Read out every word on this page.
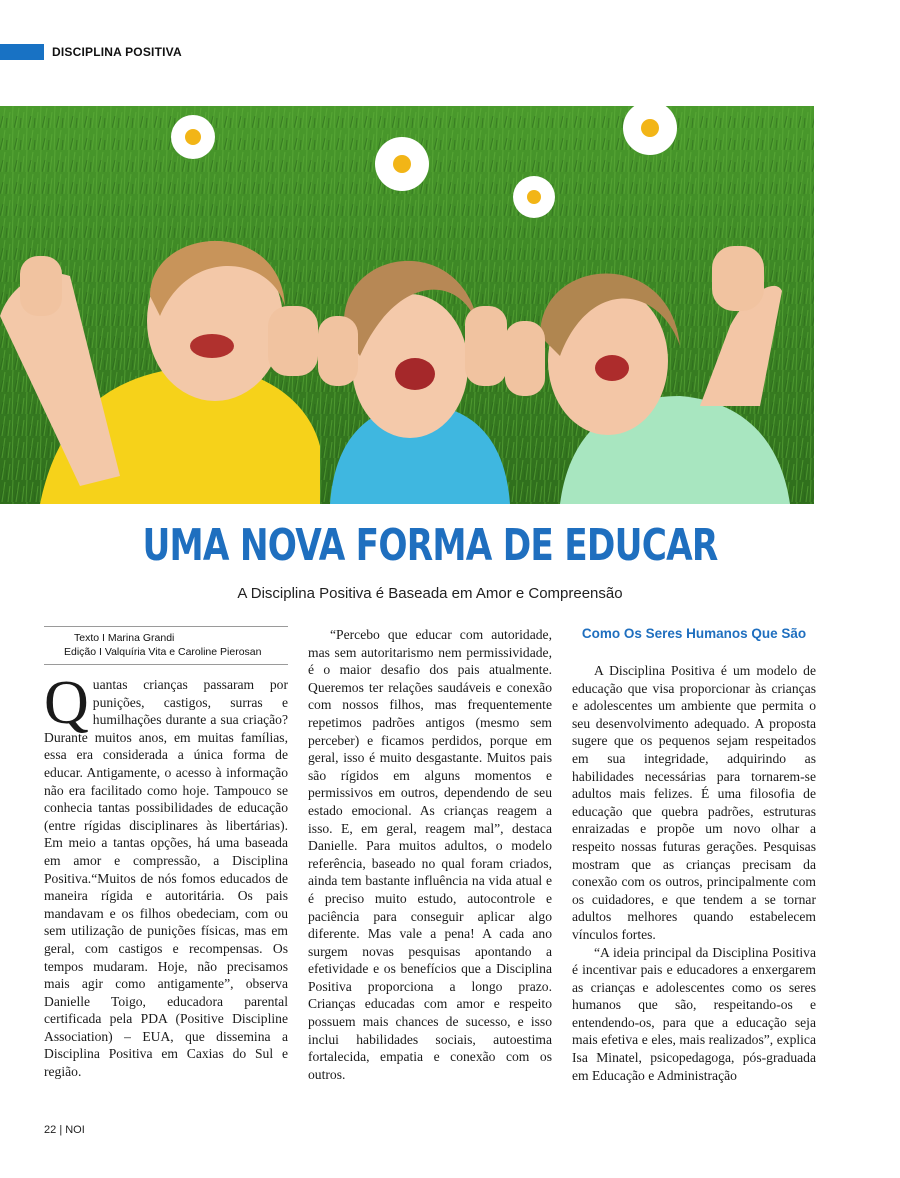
DISCIPLINA POSITIVA
UMA NOVA FORMA DE EDUCAR
A Disciplina Positiva é Baseada em Amor e Compreensão
Texto I Marina Grandi
Edição I Valquíria Vita e Caroline Pierosan

Q uantas crianças passaram por punições, castigos, surras e humilhações durante a sua criação? Durante muitos anos, em muitas famílias, essa era considerada a única forma de educar. Antigamente, o acesso à informação não era facilitado como hoje. Tampouco se conhecia tantas possibilidades de educação (entre rígidas disciplinares às libertárias). Em meio a tantas opções, há uma baseada em amor e compressão, a Disciplina Positiva.“Muitos de nós fomos educados de maneira rígida e autoritária. Os pais mandavam e os filhos obedeciam, com ou sem utilização de punições físicas, mas em geral, com castigos e recompensas. Os tempos mudaram. Hoje, não precisamos mais agir como antigamente”, observa Danielle Toigo, educadora parental certificada pela PDA (Positive Discipline Association) – EUA, que dissemina a Disciplina Positiva em Caxias do Sul e região.

“Percebo que educar com autoridade, mas sem autoritarismo nem permissividade, é o maior desafio dos pais atualmente. Queremos ter relações saudáveis e conexão com nossos filhos, mas frequentemente repetimos padrões antigos (mesmo sem perceber) e ficamos perdidos, porque em geral, isso é muito desgastante. Muitos pais são rígidos em alguns momentos e permissivos em outros, dependendo de seu estado emocional. As crianças reagem a isso. E, em geral, reagem mal”, destaca Danielle. Para muitos adultos, o modelo referência, baseado no qual foram criados, ainda tem bastante influência na vida atual e é preciso muito estudo, autocontrole e paciência para conseguir aplicar algo diferente. Mas vale a pena! A cada ano surgem novas pesquisas apontando a efetividade e os benefícios que a Disciplina Positiva proporciona a longo prazo. Crianças educadas com amor e respeito possuem mais chances de sucesso, e isso inclui habilidades sociais, autoestima fortalecida, empatia e conexão com os outros.

Como Os Seres Humanos Que São

A Disciplina Positiva é um modelo de educação que visa proporcionar às crianças e adolescentes um ambiente que permita o seu desenvolvimento adequado. A proposta sugere que os pequenos sejam respeitados em sua integridade, adquirindo as habilidades necessárias para tornarem-se adultos mais felizes. É uma filosofia de educação que quebra padrões, estruturas enraizadas e propõe um novo olhar a respeito nossas futuras gerações. Pesquisas mostram que as crianças precisam da conexão com os outros, principalmente com os cuidadores, e que tendem a se tornar adultos melhores quando estabelecem vínculos fortes.

“A ideia principal da Disciplina Positiva é incentivar pais e educadores a enxergarem as crianças e adolescentes como os seres humanos que são, respeitando-os e entendendo-os, para que a educação seja mais efetiva e eles, mais realizados”, explica Isa Minatel, psicopedagoga, pós-graduada em Educação e Administração

22 | NOI
